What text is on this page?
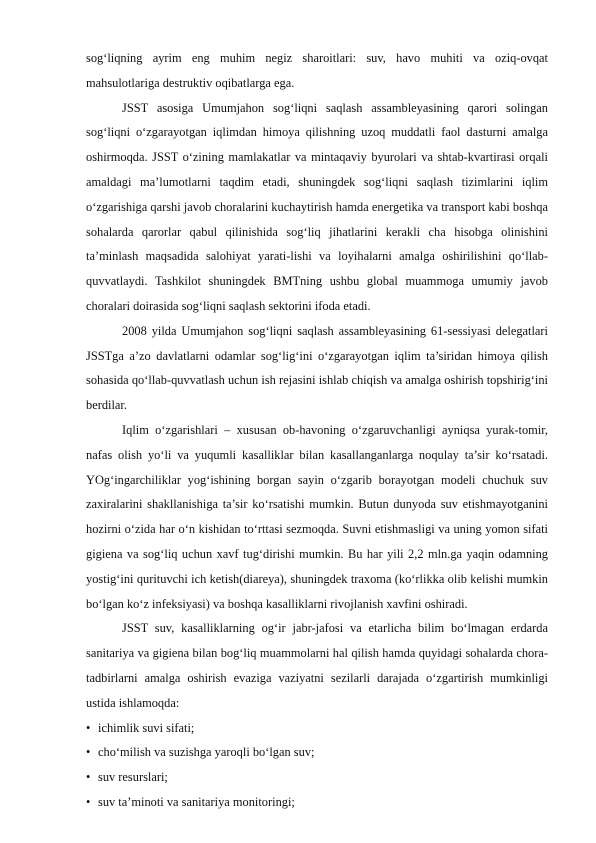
sog‘liqning ayrim eng muhim negiz sharoitlari: suv, havo muhiti va oziq-ovqat mahsulotlariga destruktiv oqibatlarga ega.

JSST asosiga Umumjahon sog‘liqni saqlash assambleyasining qarori solingan sog‘liqni o‘zgarayotgan iqlimdan himoya qilishning uzoq muddatli faol dasturni amalga oshirmoqda. JSST o‘zining mamlakatlar va mintaqaviy byurolari va shtab-kvartirasi orqali amaldagi ma’lumotlarni taqdim etadi, shuningdek sog‘liqni saqlash tizimlarini iqlim o‘zgarishiga qarshi javob choralarini kuchaytirish hamda energetika va transport kabi boshqa sohalarda qarorlar qabul qilinishida sog‘liq jihatlarini kerakli cha hisobga olinishini ta’minlash maqsadida salohiyat yarati-lishi va loyihalarni amalga oshirilishini qo‘llab-quvvatlaydi. Tashkilot shuningdek BMTning ushbu global muammoga umumiy javob choralari doirasida sog‘liqni saqlash sektorini ifoda etadi.

2008 yilda Umumjahon sog‘liqni saqlash assambleyasining 61-sessiyasi delegatlari JSSTga a’zo davlatlarni odamlar sog‘lig‘ini o‘zgarayotgan iqlim ta’siridan himoya qilish sohasida qo‘llab-quvvatlash uchun ish rejasini ishlab chiqish va amalga oshirish topshirig‘ini berdilar.

Iqlim o‘zgarishlari – xususan ob-havoning o‘zgaruvchanligi ayniqsa yurak-tomir, nafas olish yo‘li va yuqumli kasalliklar bilan kasallanganlarga noqulay ta’sir ko‘rsatadi. YOg‘ingarchiliklar yog‘ishining borgan sayin o‘zgarib borayotgan modeli chuchuk suv zaxiralarini shakllanishiga ta’sir ko‘rsatishi mumkin. Butun dunyoda suv etishmayotganini hozirni o‘zida har o‘n kishidan to‘rttasi sezmoqda. Suvni etishmasligi va uning yomon sifati gigiena va sog‘liq uchun xavf tug‘dirishi mumkin. Bu har yili 2,2 mln.ga yaqin odamning yostig‘ini qurituvchi ich ketish(diareya), shuningdek traxoma (ko‘rlikka olib kelishi mumkin bo‘lgan ko‘z infeksiyasi) va boshqa kasalliklarni rivojlanish xavfini oshiradi.

JSST suv, kasalliklarning og‘ir jabr-jafosi va etarlicha bilim bo‘lmagan erdarda sanitariya va gigiena bilan bog‘liq muammolarni hal qilish hamda quyidagi sohalarda chora-tadbirlarni amalga oshirish evaziga vaziyatni sezilarli darajada o‘zgartirish mumkinligi ustida ishlamoqda:

• ichimlik suvi sifati;
• cho‘milish va suzishga yaroqli bo‘lgan suv;
• suv resurslari;
• suv ta’minoti va sanitariya monitoringi;
